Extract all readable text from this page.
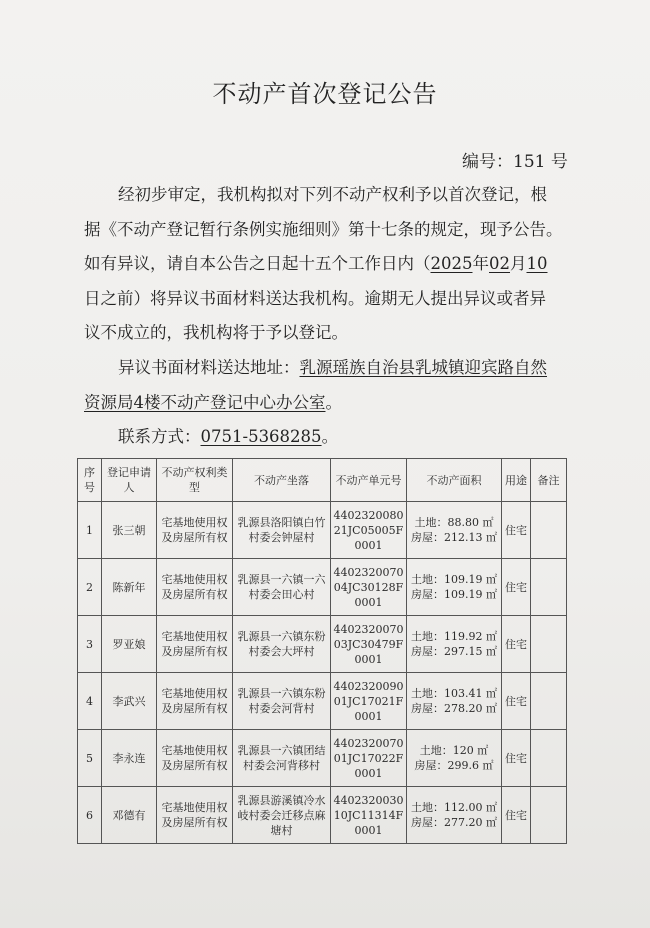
不动产首次登记公告
编号：151 号
经初步审定，我机构拟对下列不动产权利予以首次登记，根
据《不动产登记暂行条例实施细则》第十七条的规定，现予公告。
如有异议，请自本公告之日起十五个工作日内（2025年02月10
日之前）将异议书面材料送达我机构。逾期无人提出异议或者异
议不成立的，我机构将于予以登记。
异议书面材料送达地址：乳源瑶族自治县乳城镇迎宾路自然
资源局4楼不动产登记中心办公室。
联系方式：0751-5368285。
序号	登记申请人	不动产权利类型	不动产坐落	不动产单元号	不动产面积	用途	备注
1	张三朝	宅基地使用权及房屋所有权	乳源县洛阳镇白竹村委会钟屋村	440232008021JC05005F0001	土地：88.80 ㎡
房屋：212.13 ㎡	住宅	
2	陈新年	宅基地使用权及房屋所有权	乳源县一六镇一六村委会田心村	440232007004JC30128F0001	土地：109.19 ㎡
房屋：109.19 ㎡	住宅	
3	罗亚娘	宅基地使用权及房屋所有权	乳源县一六镇东粉村委会大坪村	440232007003JC30479F0001	土地：119.92 ㎡
房屋：297.15 ㎡	住宅	
4	李武兴	宅基地使用权及房屋所有权	乳源县一六镇东粉村委会河背村	440232009001JC17021F0001	土地：103.41 ㎡
房屋：278.20 ㎡	住宅	
5	李永连	宅基地使用权及房屋所有权	乳源县一六镇团结村委会河背移村	440232007001JC17022F0001	土地：120 ㎡
房屋：299.6 ㎡	住宅	
6	邓德有	宅基地使用权及房屋所有权	乳源县游溪镇冷水岐村委会迁移点麻塘村	440232003010JC11314F0001	土地：112.00 ㎡
房屋：277.20 ㎡	住宅	
